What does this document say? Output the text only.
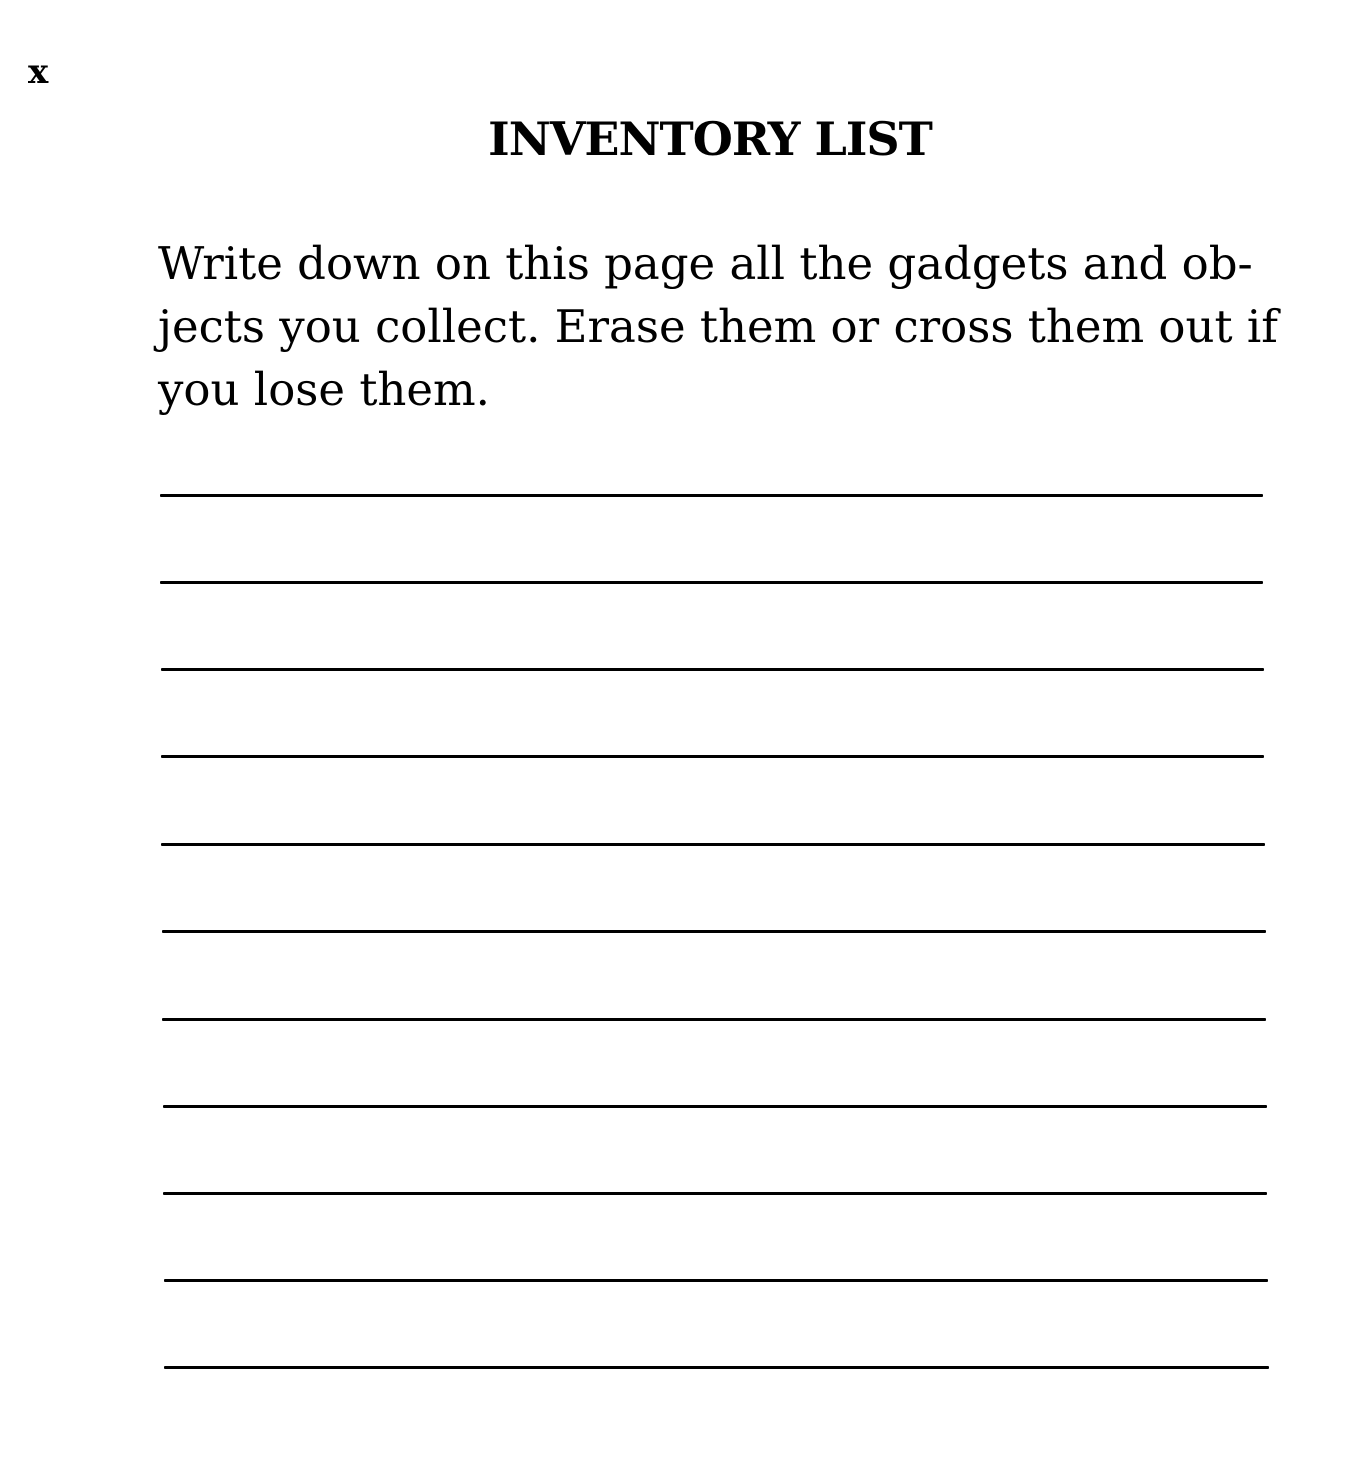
x
INVENTORY LIST

Write down on this page all the gadgets and ob-
jects you collect. Erase them or cross them out if
you lose them.
